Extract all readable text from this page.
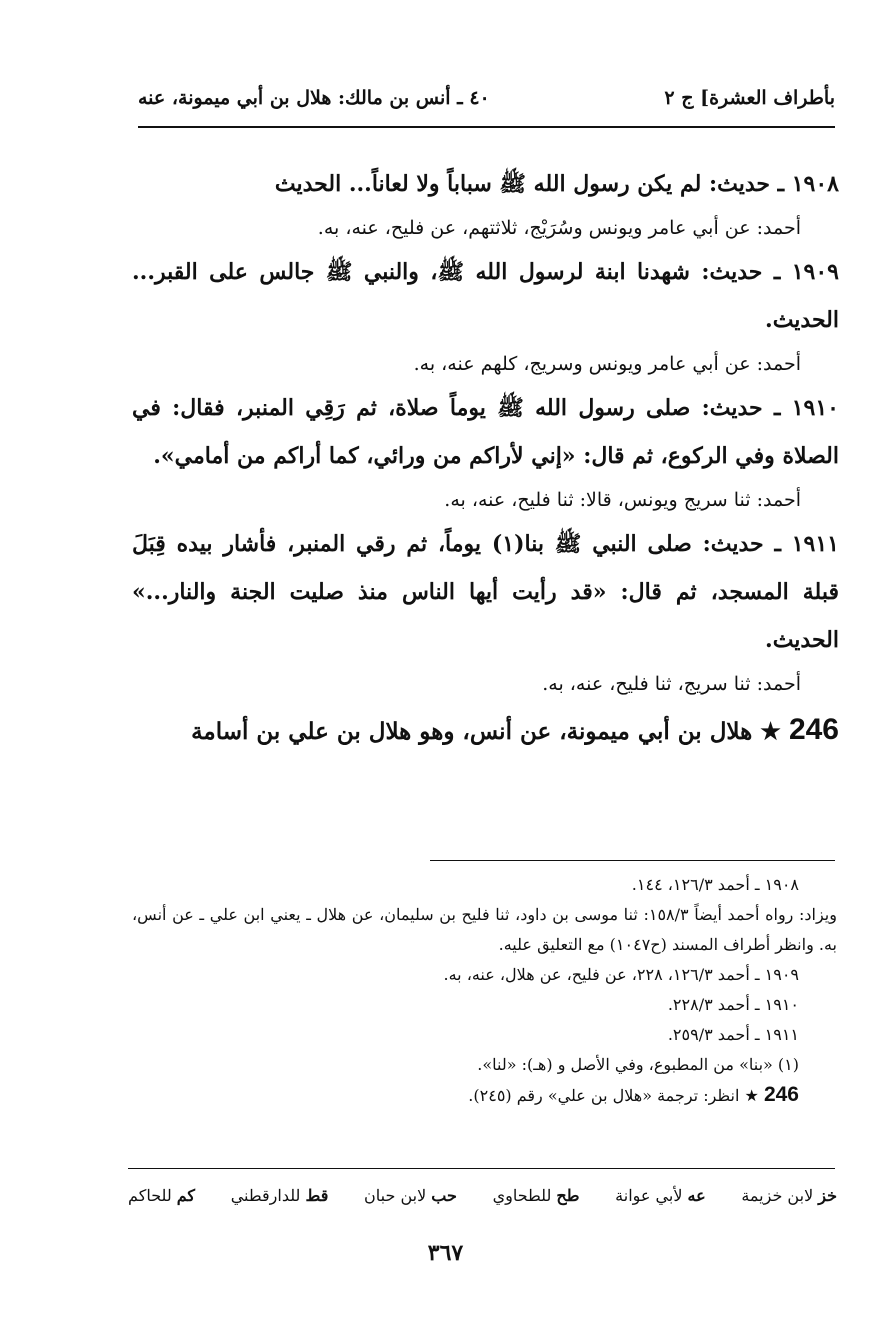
بأطراف العشرة] ج ٢
٤٠ ـ أنس بن مالك: هلال بن أبي ميمونة، عنه

١٩٠٨ ـ حديث: لم يكن رسول الله ﷺ سباباً ولا لعاناً... الحديث

أحمد: عن أبي عامر ويونس وسُرَيْج، ثلاثتهم، عن فليح، عنه، به.

١٩٠٩ ـ حديث: شهدنا ابنة لرسول الله ﷺ، والنبي ﷺ جالس على القبر... الحديث.

أحمد: عن أبي عامر ويونس وسريج، كلهم عنه، به.

١٩١٠ ـ حديث: صلى رسول الله ﷺ يوماً صلاة، ثم رَقِي المنبر، فقال: في الصلاة وفي الركوع، ثم قال: «إني لأراكم من ورائي، كما أراكم من أمامي».

أحمد: ثنا سريج ويونس، قالا: ثنا فليح، عنه، به.

١٩١١ ـ حديث: صلى النبي ﷺ بنا(١) يوماً، ثم رقي المنبر، فأشار بيده قِبَلَ قبلة المسجد، ثم قال: «قد رأيت أيها الناس منذ صليت الجنة والنار...» الحديث.

أحمد: ثنا سريج، ثنا فليح، عنه، به.

246 ★ هلال بن أبي ميمونة، عن أنس، وهو هلال بن علي بن أسامة

١٩٠٨ ـ أحمد ١٢٦/٣، ١٤٤.

ويزاد: رواه أحمد أيضاً ١٥٨/٣: ثنا موسى بن داود، ثنا فليح بن سليمان، عن هلال ـ يعني ابن علي ـ عن أنس، به. وانظر أطراف المسند (ح١٠٤٧) مع التعليق عليه.

١٩٠٩ ـ أحمد ١٢٦/٣، ٢٢٨، عن فليح، عن هلال، عنه، به.

١٩١٠ ـ أحمد ٢٢٨/٣.

١٩١١ ـ أحمد ٢٥٩/٣.

(١) «بنا» من المطبوع، وفي الأصل و (هـ): «لنا».

246 ★ انظر: ترجمة «هلال بن علي» رقم (٢٤٥).

خز لابن خزيمة
عه لأبي عوانة
طح للطحاوي
حب لابن حبان
قط للدارقطني
كم للحاكم
٣٦٧
